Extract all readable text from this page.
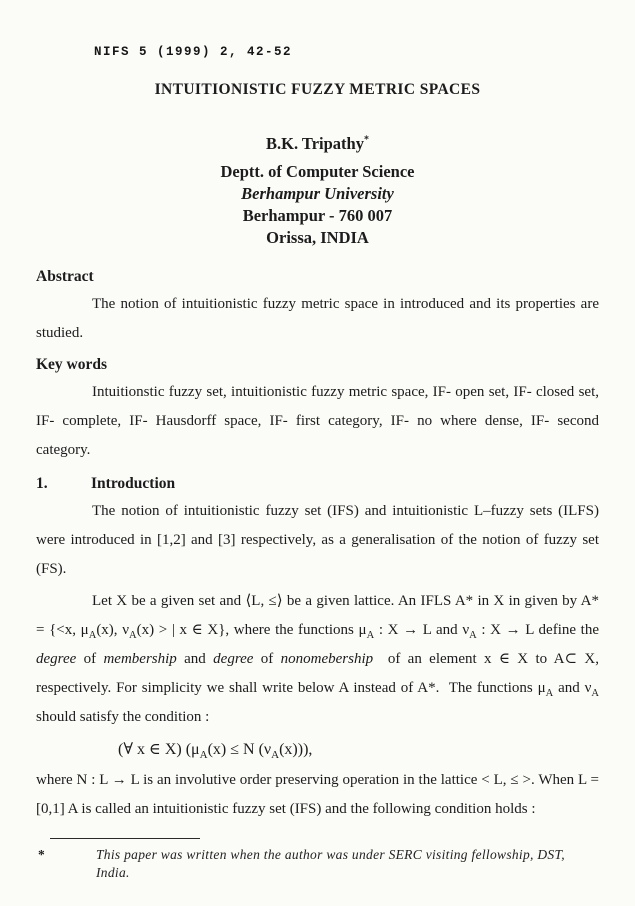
NIFS 5 (1999) 2, 42-52
INTUITIONISTIC FUZZY METRIC SPACES
B.K. Tripathy*
Deptt. of Computer Science
Berhampur University
Berhampur - 760 007
Orissa, INDIA
Abstract

The notion of intuitionistic fuzzy metric space in introduced and its properties are studied.

Key words

Intuitionstic fuzzy set, intuitionistic fuzzy metric space, IF- open set, IF- closed set, IF- complete, IF- Hausdorff space, IF- first category, IF- no where dense, IF- second category.

1.	Introduction

The notion of intuitionistic fuzzy set (IFS) and intuitionistic L–fuzzy sets (ILFS) were introduced in [1,2] and [3] respectively, as a generalisation of the notion of fuzzy set (FS).

Let X be a given set and ⟨L, ≤⟩ be a given lattice. An IFLS A* in X in given by A* = {<x, $\mu_A(x)$, $\nu_A(x)$ > | x ∈ X}, where the functions $\mu_A$ : X → L and $\nu_A$ : X → L define the degree of membership and degree of nonomebership  of an element x ∈ X to A⊂ X, respectively. For simplicity we shall write below A instead of A*.  The functions $\mu_A$ and $\nu_A$ should satisfy the condition :

(∀ x ∈ X) ($\mu_A(x) \le N$ $(\nu_A(x))$),

where N : L → L is an involutive order preserving operation in the lattice < L, ≤ >. When L = [0,1] A is called an intuitionistic fuzzy set (IFS) and the following condition holds :

*	This paper was written when the author was under SERC visiting fellowship, DST, India.
